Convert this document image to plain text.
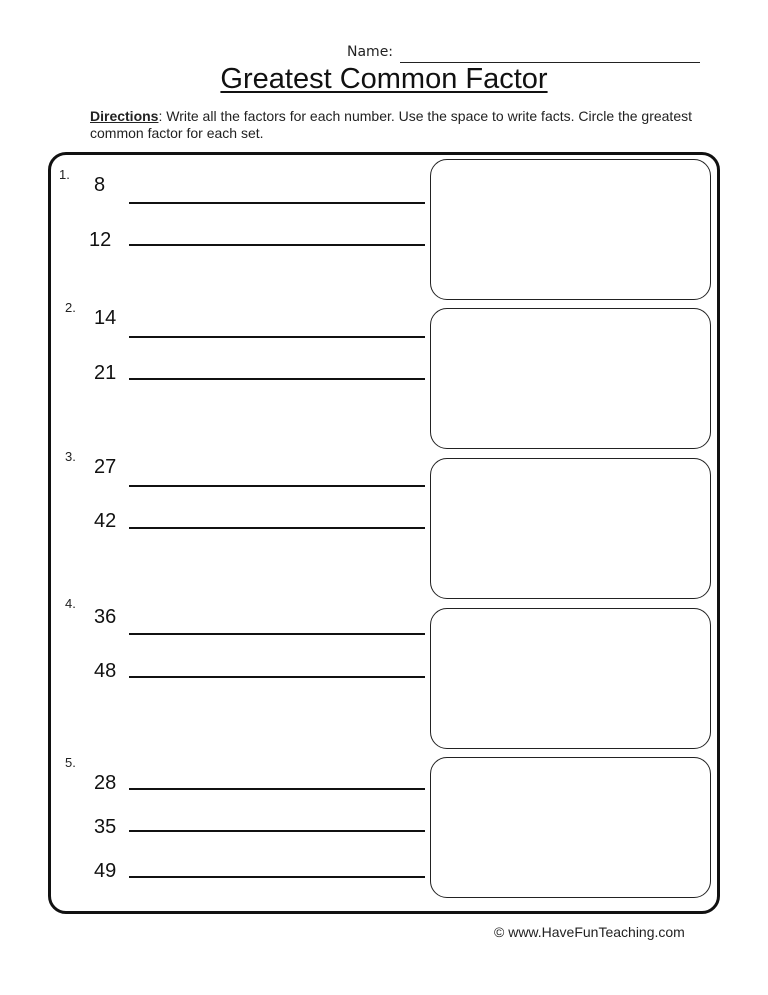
Name:
Greatest Common Factor
Directions: Write all the factors for each number. Use the space to write facts. Circle the greatest common factor for each set.
1. 8
12
2. 14
21
3. 27
42
4.
36
48
5.
28
35
49
© www.HaveFunTeaching.com
